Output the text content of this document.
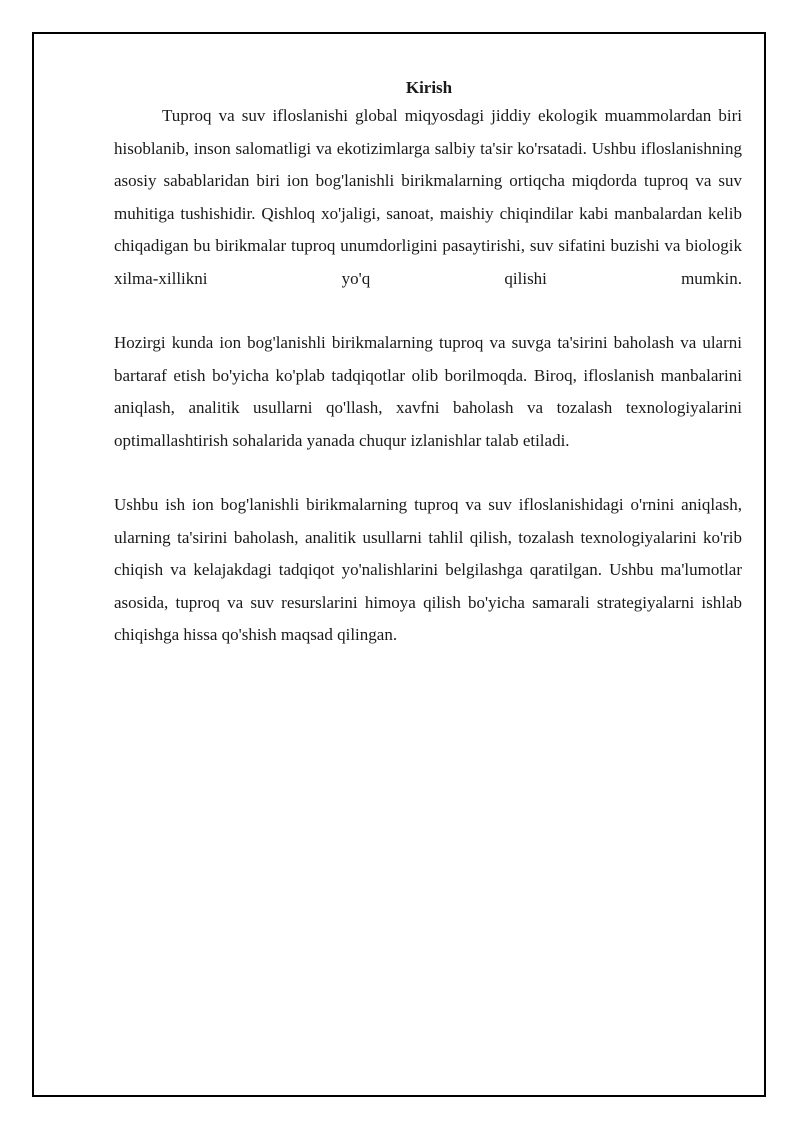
Kirish

Tuproq va suv ifloslanishi global miqyosdagi jiddiy ekologik muammolardan biri hisoblanib, inson salomatligi va ekotizimlarga salbiy ta'sir ko'rsatadi. Ushbu ifloslanishning asosiy sabablaridan biri ion bog'lanishli birikmalarning ortiqcha miqdorda tuproq va suv muhitiga tushishidir. Qishloq xo'jaligi, sanoat, maishiy chiqindilar kabi manbalardan kelib chiqadigan bu birikmalar tuproq unumdorligini pasaytirishi, suv sifatini buzishi va biologik xilma-xillikni yo'q qilishi mumkin.

Hozirgi kunda ion bog'lanishli birikmalarning tuproq va suvga ta'sirini baholash va ularni bartaraf etish bo'yicha ko'plab tadqiqotlar olib borilmoqda. Biroq, ifloslanish manbalarini aniqlash, analitik usullarni qo'llash, xavfni baholash va tozalash texnologiyalarini optimallashtirish sohalarida yanada chuqur izlanishlar talab etiladi.

Ushbu ish ion bog'lanishli birikmalarning tuproq va suv ifloslanishidagi o'rnini aniqlash, ularning ta'sirini baholash, analitik usullarni tahlil qilish, tozalash texnologiyalarini ko'rib chiqish va kelajakdagi tadqiqot yo'nalishlarini belgilashga qaratilgan. Ushbu ma'lumotlar asosida, tuproq va suv resurslarini himoya qilish bo'yicha samarali strategiyalarni ishlab chiqishga hissa qo'shish maqsad qilingan.
